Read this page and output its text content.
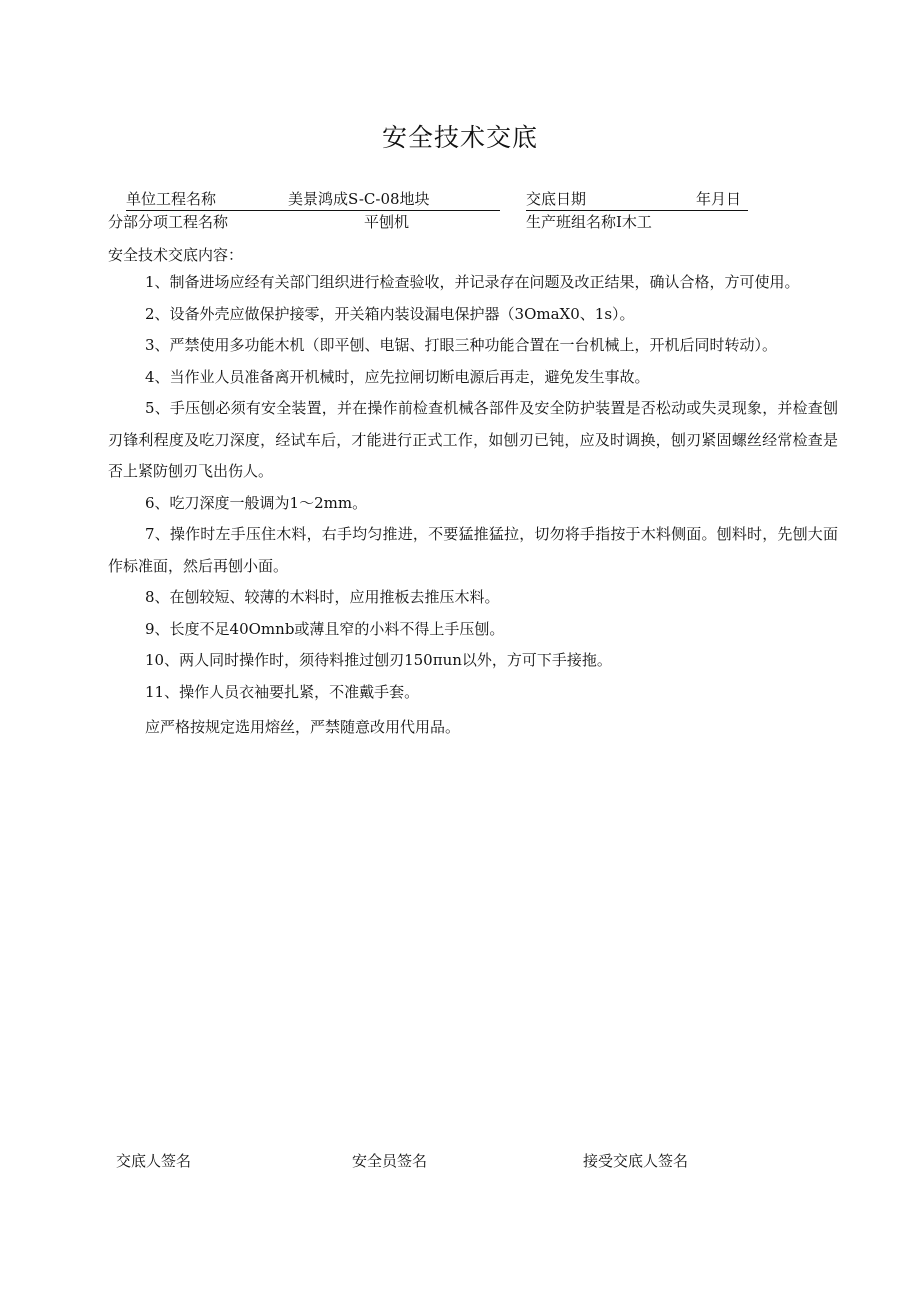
安全技术交底
单位工程名称	美景鸿成S-C-08地块	交底日期	年月日
分部分项工程名称	平刨机	生产班组名称I木工
安全技术交底内容：

1、制备进场应经有关部门组织进行检查验收，并记录存在问题及改正结果，确认合格，方可使用。

2、设备外壳应做保护接零，开关箱内装设漏电保护器（3OmaX0、1s）。

3、严禁使用多功能木机（即平刨、电锯、打眼三种功能合置在一台机械上，开机后同时转动）。

4、当作业人员准备离开机械时，应先拉闸切断电源后再走，避免发生事故。

5、手压刨必须有安全装置，并在操作前检查机械各部件及安全防护装置是否松动或失灵现象，并检查刨刃锋利程度及吃刀深度，经试车后，才能进行正式工作，如刨刃已钝，应及时调换，刨刃紧固螺丝经常检查是否上紧防刨刃飞出伤人。

6、吃刀深度一般调为1～2mm。

7、操作时左手压住木料，右手均匀推进，不要猛推猛拉，切勿将手指按于木料侧面。刨料时，先刨大面作标准面，然后再刨小面。

8、在刨较短、较薄的木料时，应用推板去推压木料。

9、长度不足40Omnb或薄且窄的小料不得上手压刨。

10、两人同时操作时，须待料推过刨刃150πun以外，方可下手接拖。

11、操作人员衣袖要扎紧，不准戴手套。

应严格按规定选用熔丝，严禁随意改用代用品。

交底人签名	安全员签名	接受交底人签名
